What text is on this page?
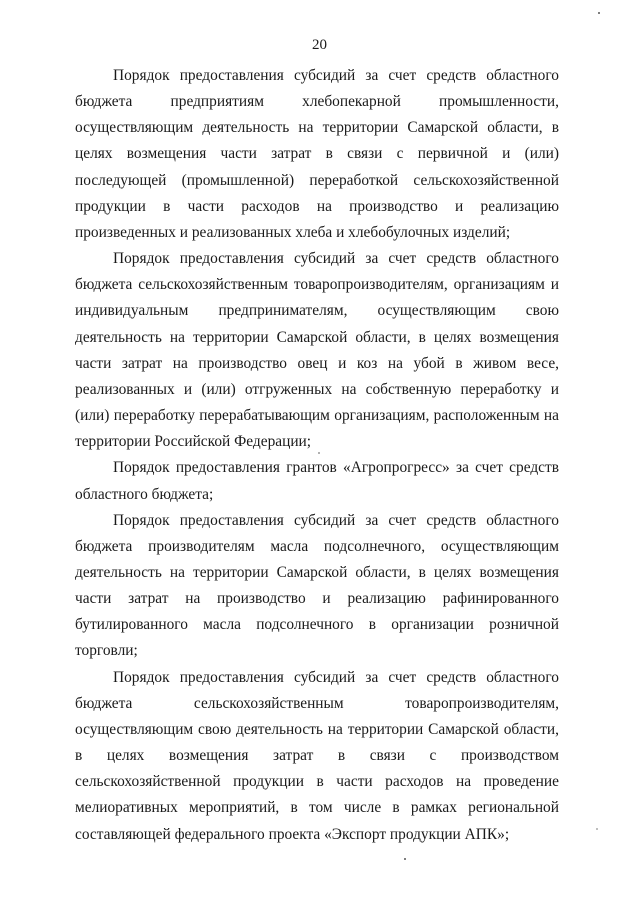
20

Порядок предоставления субсидий за счет средств областного бюджета предприятиям хлебопекарной промышленности, осуществляющим деятельность на территории Самарской области, в целях возмещения части затрат в связи с первичной и (или) последующей (промышленной) переработкой сельскохозяйственной продукции в части расходов на производство и реализацию произведенных и реализованных хлеба и хлебобулочных изделий;

Порядок предоставления субсидий за счет средств областного бюджета сельскохозяйственным товаропроизводителям, организациям и индивидуальным предпринимателям, осуществляющим свою деятельность на территории Самарской области, в целях возмещения части затрат на производство овец и коз на убой в живом весе, реализованных и (или) отгруженных на собственную переработку и (или) переработку перерабатывающим организациям, расположенным на территории Российской Федерации;

Порядок предоставления грантов «Агропрогресс» за счет средств областного бюджета;

Порядок предоставления субсидий за счет средств областного бюджета производителям масла подсолнечного, осуществляющим деятельность на территории Самарской области, в целях возмещения части затрат на производство и реализацию рафинированного бутилированного масла подсолнечного в организации розничной торговли;

Порядок предоставления субсидий за счет средств областного бюджета сельскохозяйственным товаропроизводителям, осуществляющим свою деятельность на территории Самарской области, в целях возмещения затрат в связи с производством сельскохозяйственной продукции в части расходов на проведение мелиоративных мероприятий, в том числе в рамках региональной составляющей федерального проекта «Экспорт продукции АПК»;
